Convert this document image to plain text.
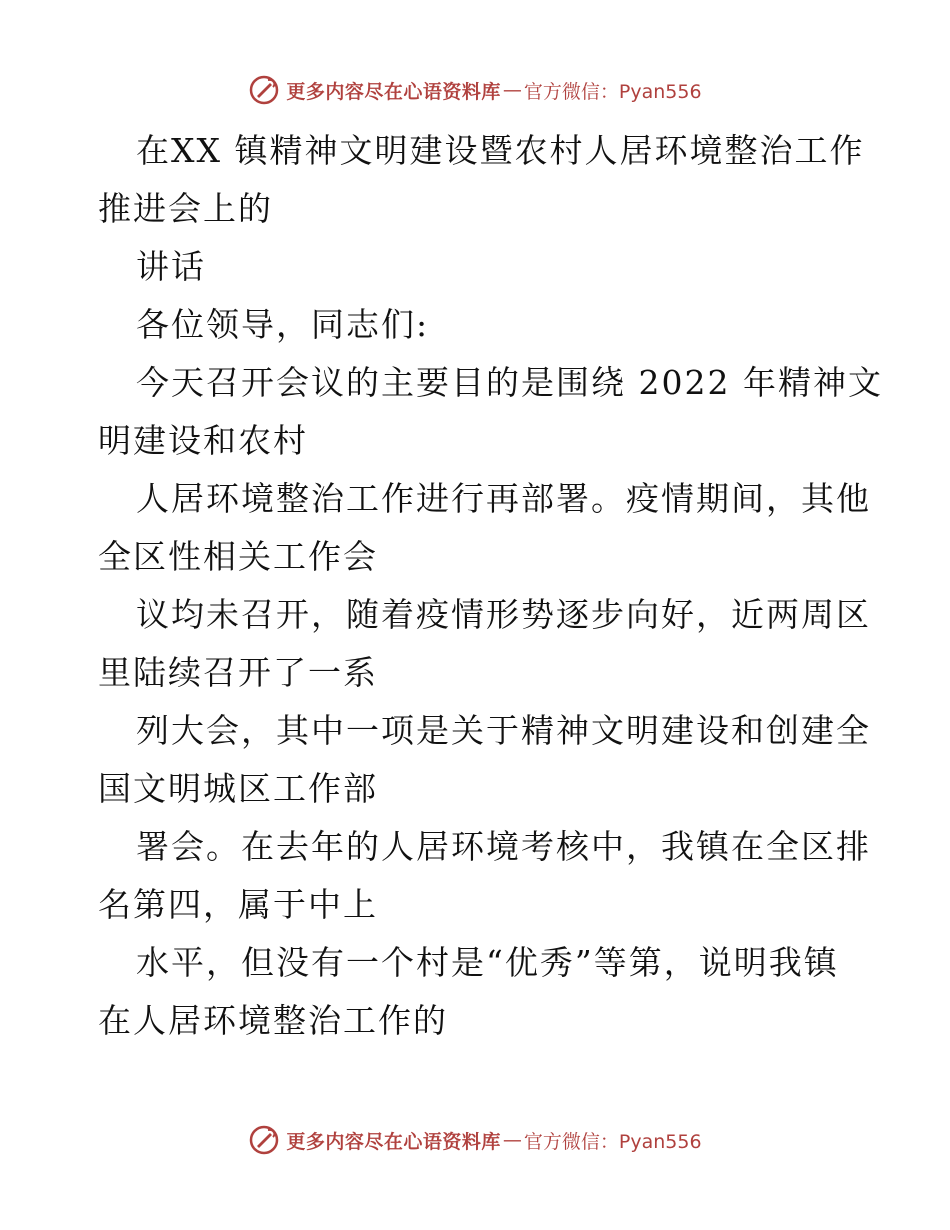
更多内容尽在心语资料库 — 官方微信：Pyan556
在XX 镇精神文明建设暨农村人居环境整治工作
推进会上的
讲话
各位领导，同志们:
今天召开会议的主要目的是围绕 2022 年精神文
明建设和农村
人居环境整治工作进行再部署。疫情期间，其他
全区性相关工作会
议均未召开，随着疫情形势逐步向好，近两周区
里陆续召开了一系
列大会，其中一项是关于精神文明建设和创建全
国文明城区工作部
署会。在去年的人居环境考核中，我镇在全区排
名第四，属于中上
水平，但没有一个村是“优秀”等第，说明我镇
在人居环境整治工作的
更多内容尽在心语资料库 — 官方微信：Pyan556
